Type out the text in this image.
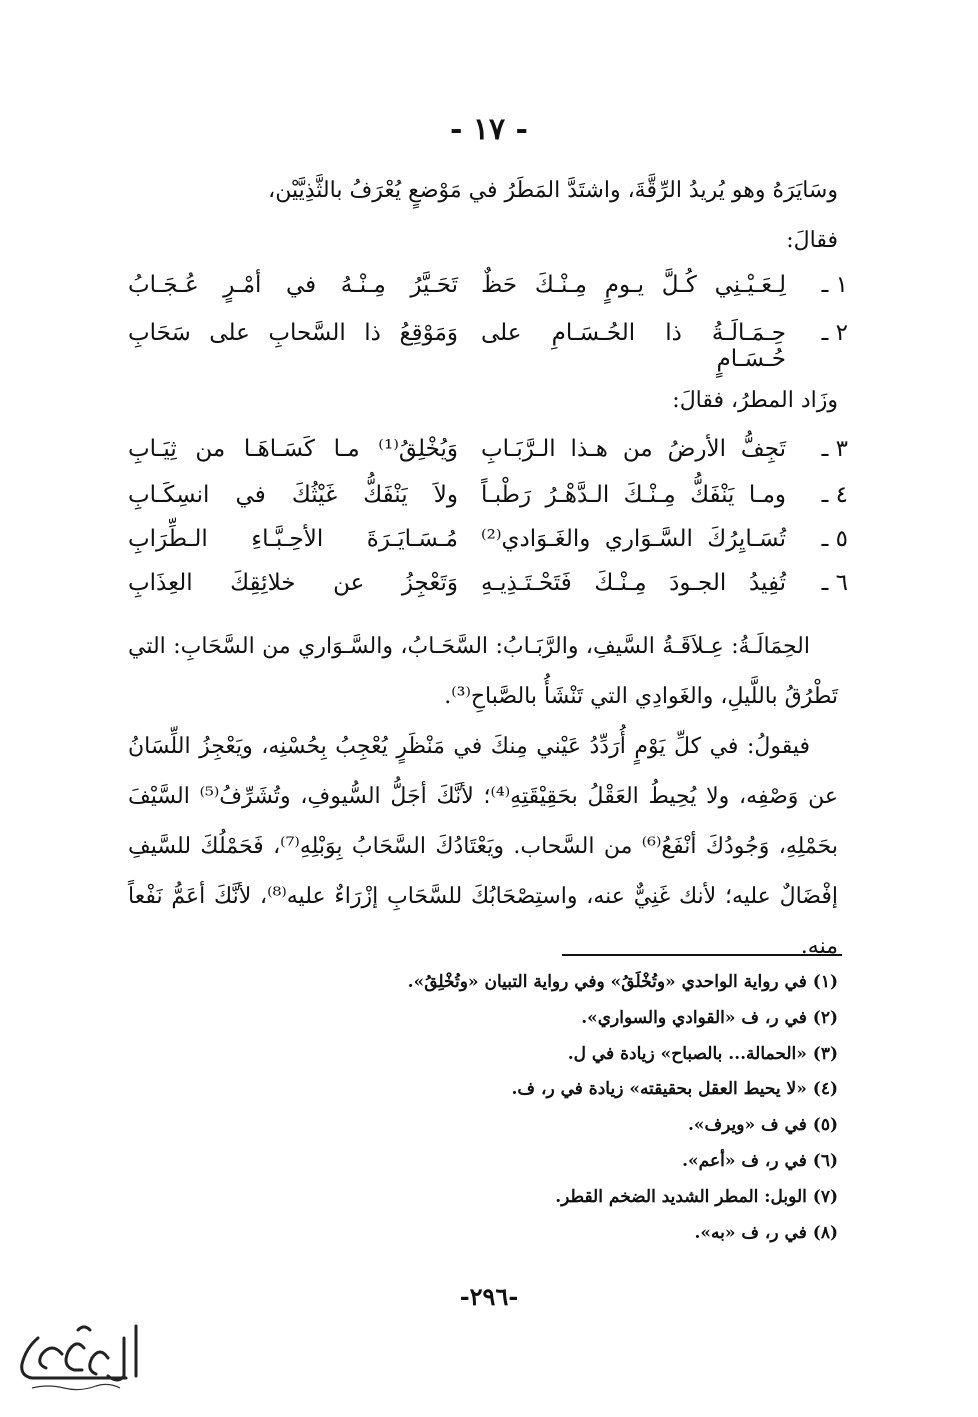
- ١٧ -
وسَايَرَهُ وهو يُريدُ الرِّقَّةَ، واشتَدَّ المَطَرُ في مَوْضعٍ يُعْرَفُ بالثَّذِيَّيْن،
فقالَ:
١ ـ
لِـعَـيْـنِي كُـلَّ يـومٍ مِـنْـكَ حَظٌ
تَحَـيَّرُ مِـنْـهُ في أمْـرٍ عُـجَـابُ
٢ ـ
حِـمَـالَـةُ ذا الحُـسَـامِ على حُـسَـامٍ
وَمَوْقِعُ ذا السَّحابِ على سَحَابِ
وزَاد المطرُ، فقالَ:
٣ ـ
تَجِفُّ الأرضُ من هـذا الـرَّبَـابِ
وَيُخْلِقُ⁽¹⁾ مـا كَسَـاهَـا من ثِيَـابِ
٤ ـ
ومـا يَنْفَكُّ مِـنْـكَ الـدَّهْـرُ رَطْبـاً
ولاَ يَنْفَكُّ غَيْثُكَ في انسِكَـابِ
٥ ـ
تُسَـايِرُكَ السَّـوَاري والغَـوَادي⁽²⁾
مُـسَـايَـرَةَ الأحِـبَّـاءِ الـطِّرَابِ
٦ ـ
تُفِيدُ الجـودَ مِـنْـكَ فَتَحْـتَـذِيـهِ
وَتَعْجِزُ عن خلائِقِكَ العِذَابِ
الحِمَالَـةُ: عِـلاَقَـةُ السَّيفِ، والرَّبَـابُ: السَّحَـابُ، والسَّـوَاري من السَّحَابِ: التي تَطْرُقُ باللَّيلِ، والغَوادِي التي تَنْشَأُ بالصَّباحِ⁽³⁾.
فيقولُ: في كلِّ يَوْمٍ أُرَدِّدُ عَيْني مِنكَ في مَنْظَرٍ يُعْجِبُ بِحُسْنِه، ويَعْجِزُ اللِّسَانُ عن وَصْفِه، ولا يُحِيطُ العَقْلُ بحَقِيْقَتِهِ⁽⁴⁾؛ لأنَّكَ أجَلُّ السُّيوفِ، وتُشَرِّفُ⁽⁵⁾ السَّيْفَ بحَمْلِهِ، وَجُودُكَ أنْفَعُ⁽⁶⁾ من السَّحاب. ويَعْتَادُكَ السَّحَابُ بِوَبْلِهِ⁽⁷⁾، فَحَمْلُكَ للسَّيفِ إفْضَالٌ عليه؛ لأنك غَنِيٌّ عنه، واستِصْحَابُكَ للسَّحَابِ إزْرَاءٌ عليه⁽⁸⁾، لأنَّكَ أعَمُّ نَفْعاً منه.
(١) في رواية الواحدي «وتُخْلَقُ» وفي رواية التبيان «وتُخْلِقُ».
(٢) في ر، ف «القوادي والسواري».
(٣) «الحمالة... بالصباح» زيادة في ل.
(٤) «لا يحيط العقل بحقيقته» زيادة في ر، ف.
(٥) في ف «ويرف».
(٦) في ر، ف «أعم».
(٧) الوبل: المطر الشديد الضخم القطر.
(٨) في ر، ف «به».
-٢٩٦-
